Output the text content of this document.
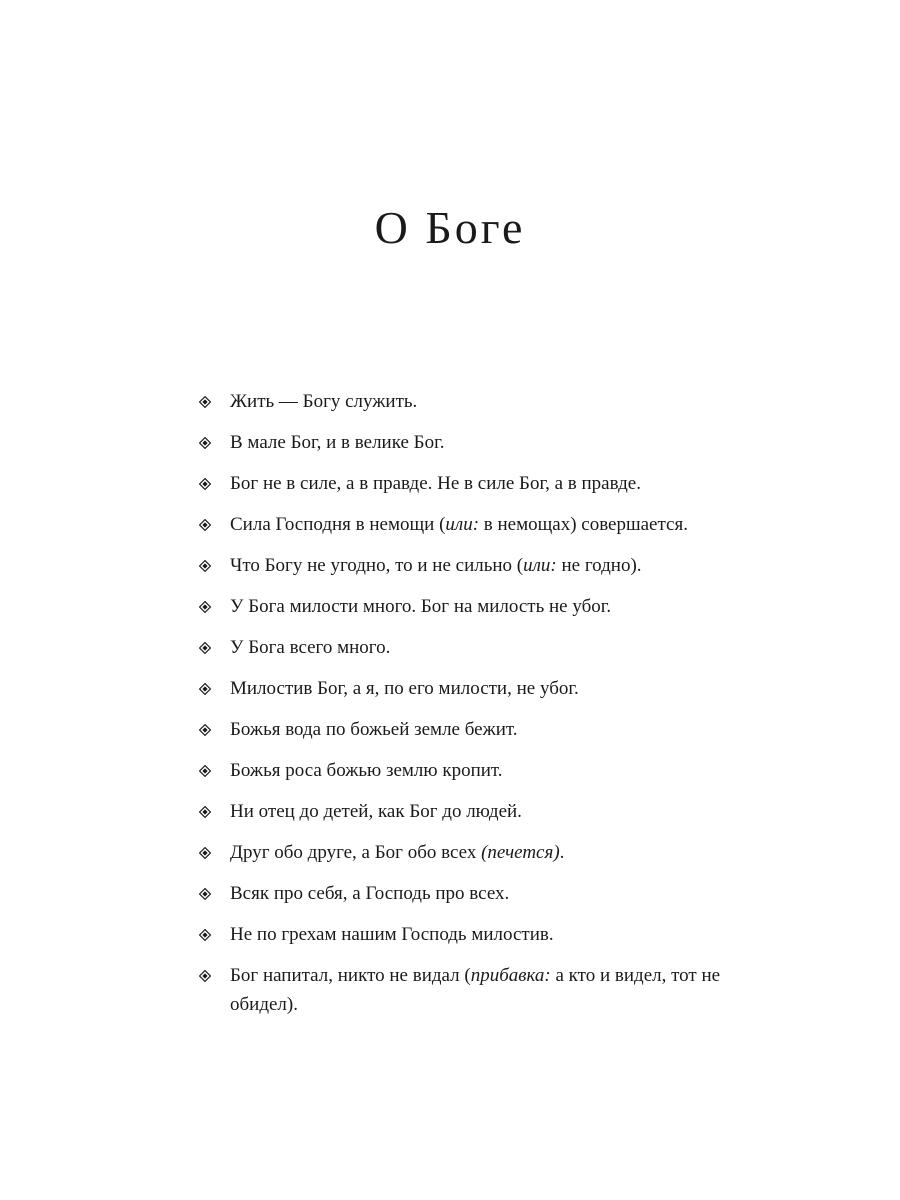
О Боге
Жить — Богу служить.
В мале Бог, и в велике Бог.
Бог не в силе, а в правде. Не в силе Бог, а в правде.
Сила Господня в немощи (или: в немощах) совершается.
Что Богу не угодно, то и не сильно (или: не годно).
У Бога милости много. Бог на милость не убог.
У Бога всего много.
Милостив Бог, а я, по его милости, не убог.
Божья вода по божьей земле бежит.
Божья роса божью землю кропит.
Ни отец до детей, как Бог до людей.
Друг обо друге, а Бог обо всех (печется).
Всяк про себя, а Господь про всех.
Не по грехам нашим Господь милостив.
Бог напитал, никто не видал (прибавка: а кто и видел, тот не обидел).
